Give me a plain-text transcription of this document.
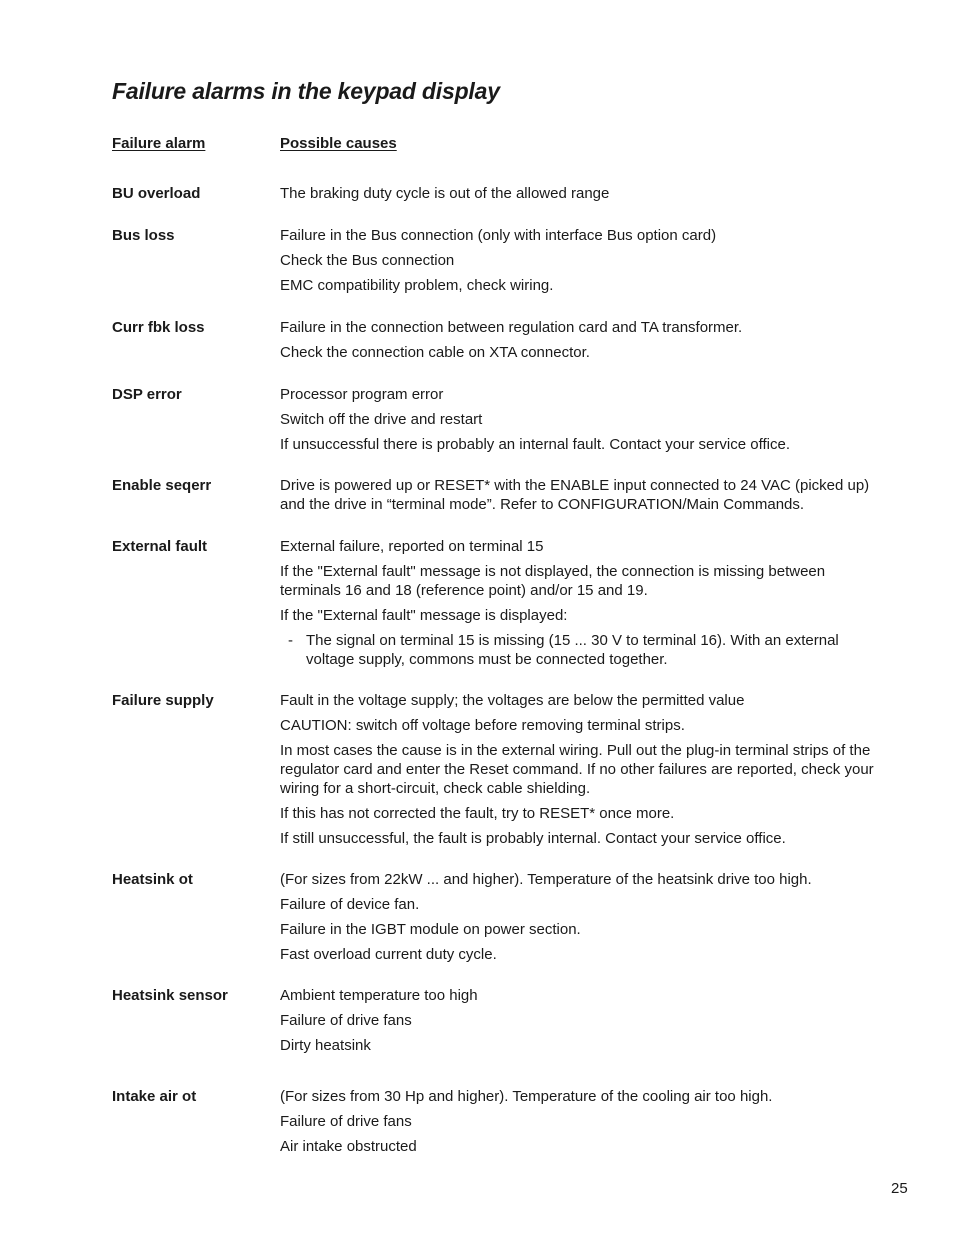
Failure alarms in the keypad display
Failure alarm	Possible causes
BU overload	The braking duty cycle is out of the allowed range
Bus loss	Failure in the Bus connection (only with interface Bus option card)
Check the Bus connection
EMC compatibility problem, check wiring.
Curr fbk loss	Failure in the connection between regulation card and TA transformer.
Check the connection cable on XTA connector.
DSP error	Processor program error
Switch off the drive and restart
If unsuccessful there is probably an internal fault. Contact your service office.
Enable seqerr	Drive is powered up or RESET* with the ENABLE input connected to 24 VAC (picked up) and the drive in “terminal mode”. Refer to CONFIGURATION/Main Commands.
External fault	External failure, reported on terminal 15
If the "External fault" message is not displayed, the connection is missing between terminals 16 and 18 (reference point) and/or 15 and 19.
If the "External fault" message is displayed:
- The signal on terminal 15 is missing (15 ... 30 V to terminal 16). With an external voltage supply, commons must be connected together.
Failure supply	Fault in the voltage supply; the voltages are below the permitted value
CAUTION: switch off voltage before removing terminal strips.
In most cases the cause is in the external wiring. Pull out the plug-in terminal strips of the regulator card and enter the Reset command. If no other failures are reported, check your wiring for a short-circuit, check cable shielding.
If this has not corrected the fault, try to RESET* once more.
If still unsuccessful, the fault is probably internal. Contact your service office.
Heatsink ot	(For sizes from 22kW ... and higher). Temperature of the heatsink drive too high.
Failure of device fan.
Failure in the IGBT module on power section.
Fast overload current duty cycle.
Heatsink sensor	Ambient temperature too high
Failure of drive fans
Dirty heatsink
Intake air ot	(For sizes from 30 Hp and higher). Temperature of the cooling air too high.
Failure of drive fans
Air intake obstructed
25
